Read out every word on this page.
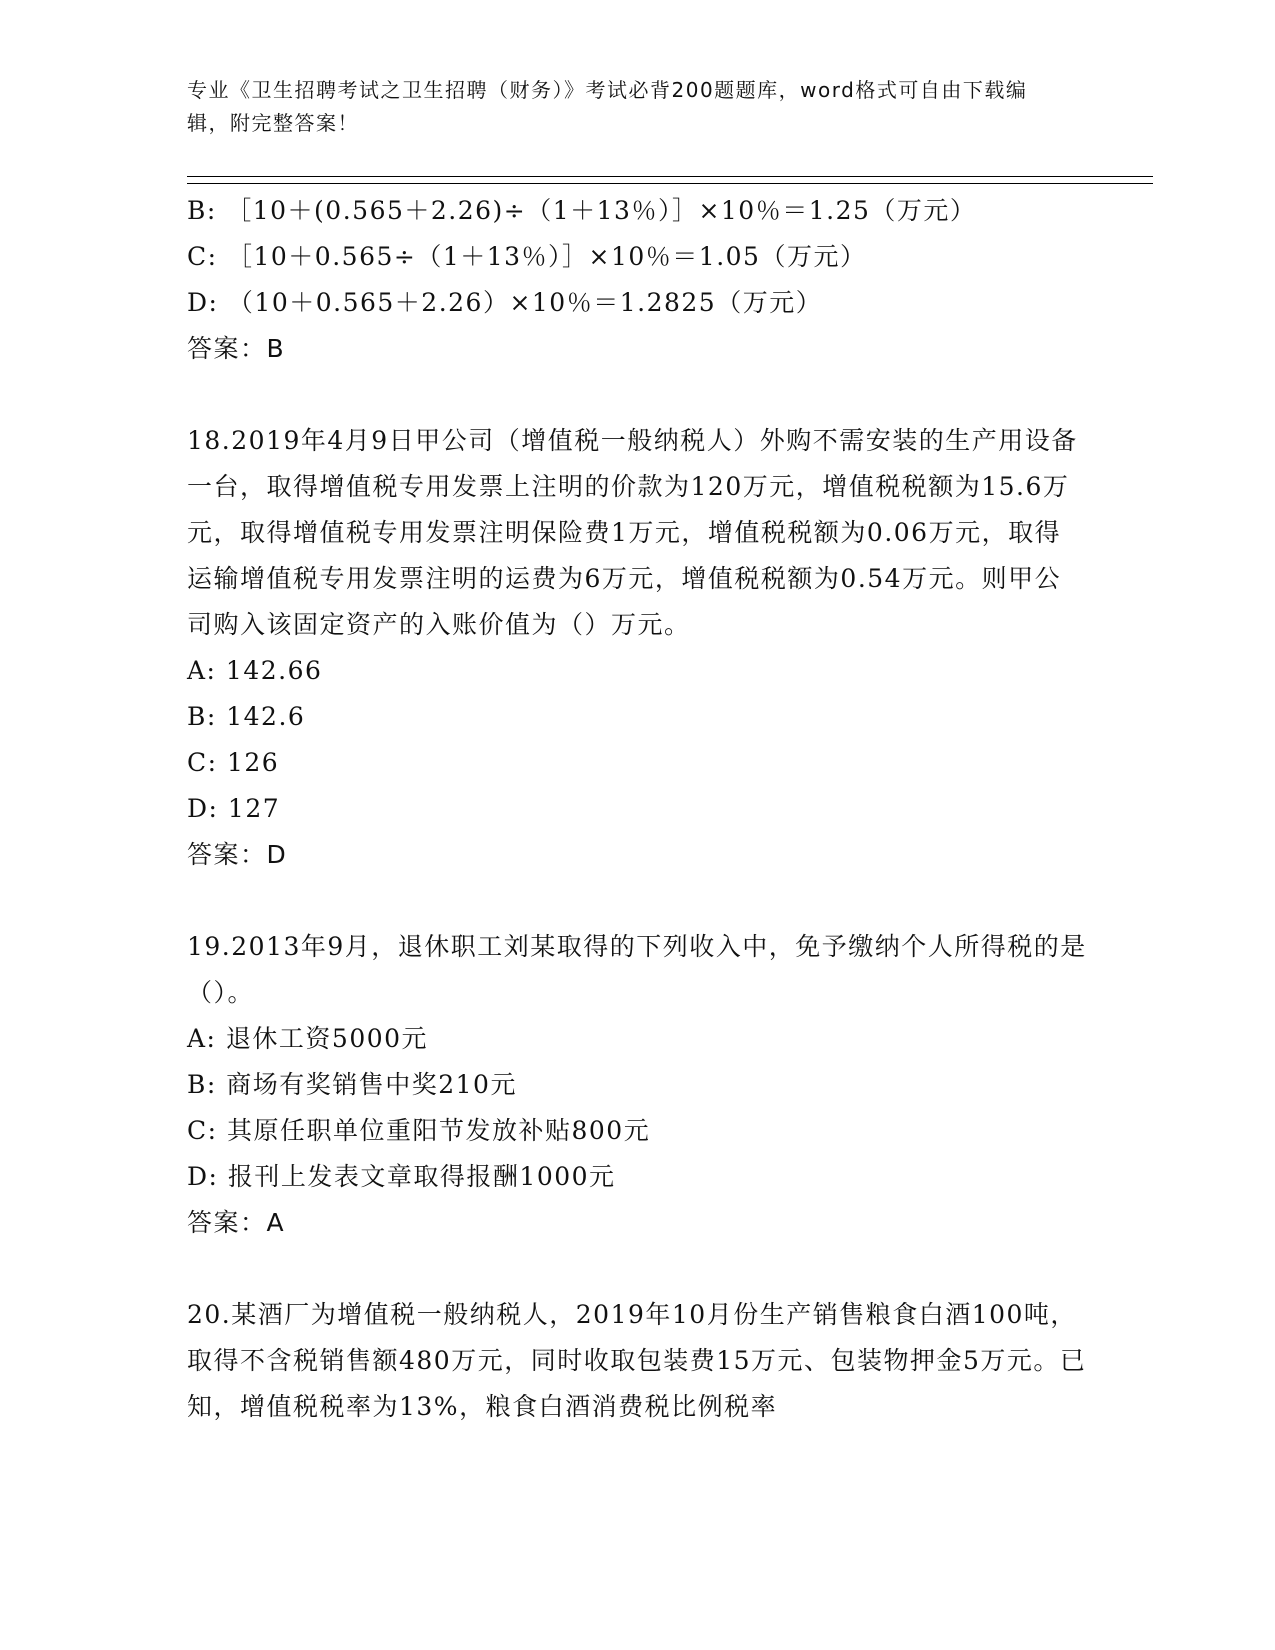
专业《卫生招聘考试之卫生招聘（财务）》考试必背200题题库，word格式可自由下载编辑，附完整答案！

B: ［10＋(0.565＋2.26)÷（1＋13％）］×10％＝1.25（万元）

C: ［10＋0.565÷（1＋13％）］×10％＝1.05（万元）

D: （10＋0.565＋2.26）×10％＝1.2825（万元）

答案：B

18.2019年4月9日甲公司（增值税一般纳税人）外购不需安装的生产用设备一台，取得增值税专用发票上注明的价款为120万元，增值税税额为15.6万元，取得增值税专用发票注明保险费1万元，增值税税额为0.06万元，取得运输增值税专用发票注明的运费为6万元，增值税税额为0.54万元。则甲公司购入该固定资产的入账价值为（）万元。

A: 142.66

B: 142.6

C: 126

D: 127

答案：D

19.2013年9月，退休职工刘某取得的下列收入中，免予缴纳个人所得税的是（）。

A: 退休工资5000元

B: 商场有奖销售中奖210元

C: 其原任职单位重阳节发放补贴800元

D: 报刊上发表文章取得报酬1000元

答案：A

20.某酒厂为增值税一般纳税人，2019年10月份生产销售粮食白酒100吨，取得不含税销售额480万元，同时收取包装费15万元、包装物押金5万元。已知，增值税税率为13%，粮食白酒消费税比例税率
